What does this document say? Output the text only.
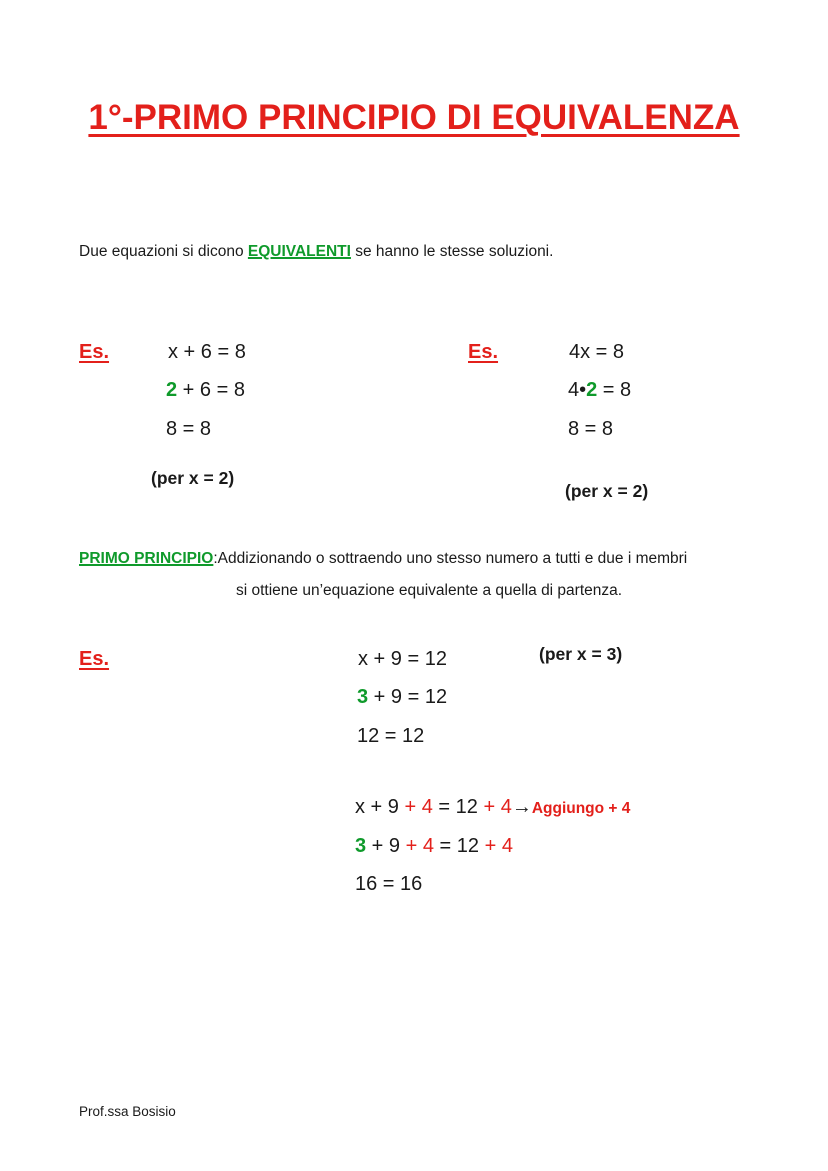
1°-PRIMO PRINCIPIO DI EQUIVALENZA
Due equazioni si dicono EQUIVALENTI se hanno le stesse soluzioni.
Es.	x + 6 = 8
2 + 6 = 8
8 = 8
(per x = 2)
Es.	4x = 8
4•2 = 8
8 = 8
(per x = 2)
PRIMO PRINCIPIO:Addizionando o sottraendo uno stesso numero a tutti e due i membri
si ottiene un’equazione equivalente a quella di partenza.
Es.	x + 9 = 12	(per x = 3)
3 + 9 = 12
12 = 12
x + 9 + 4 = 12 + 4→Aggiungo + 4
3 + 9 + 4 = 12 + 4
16 = 16
Prof.ssa Bosisio
